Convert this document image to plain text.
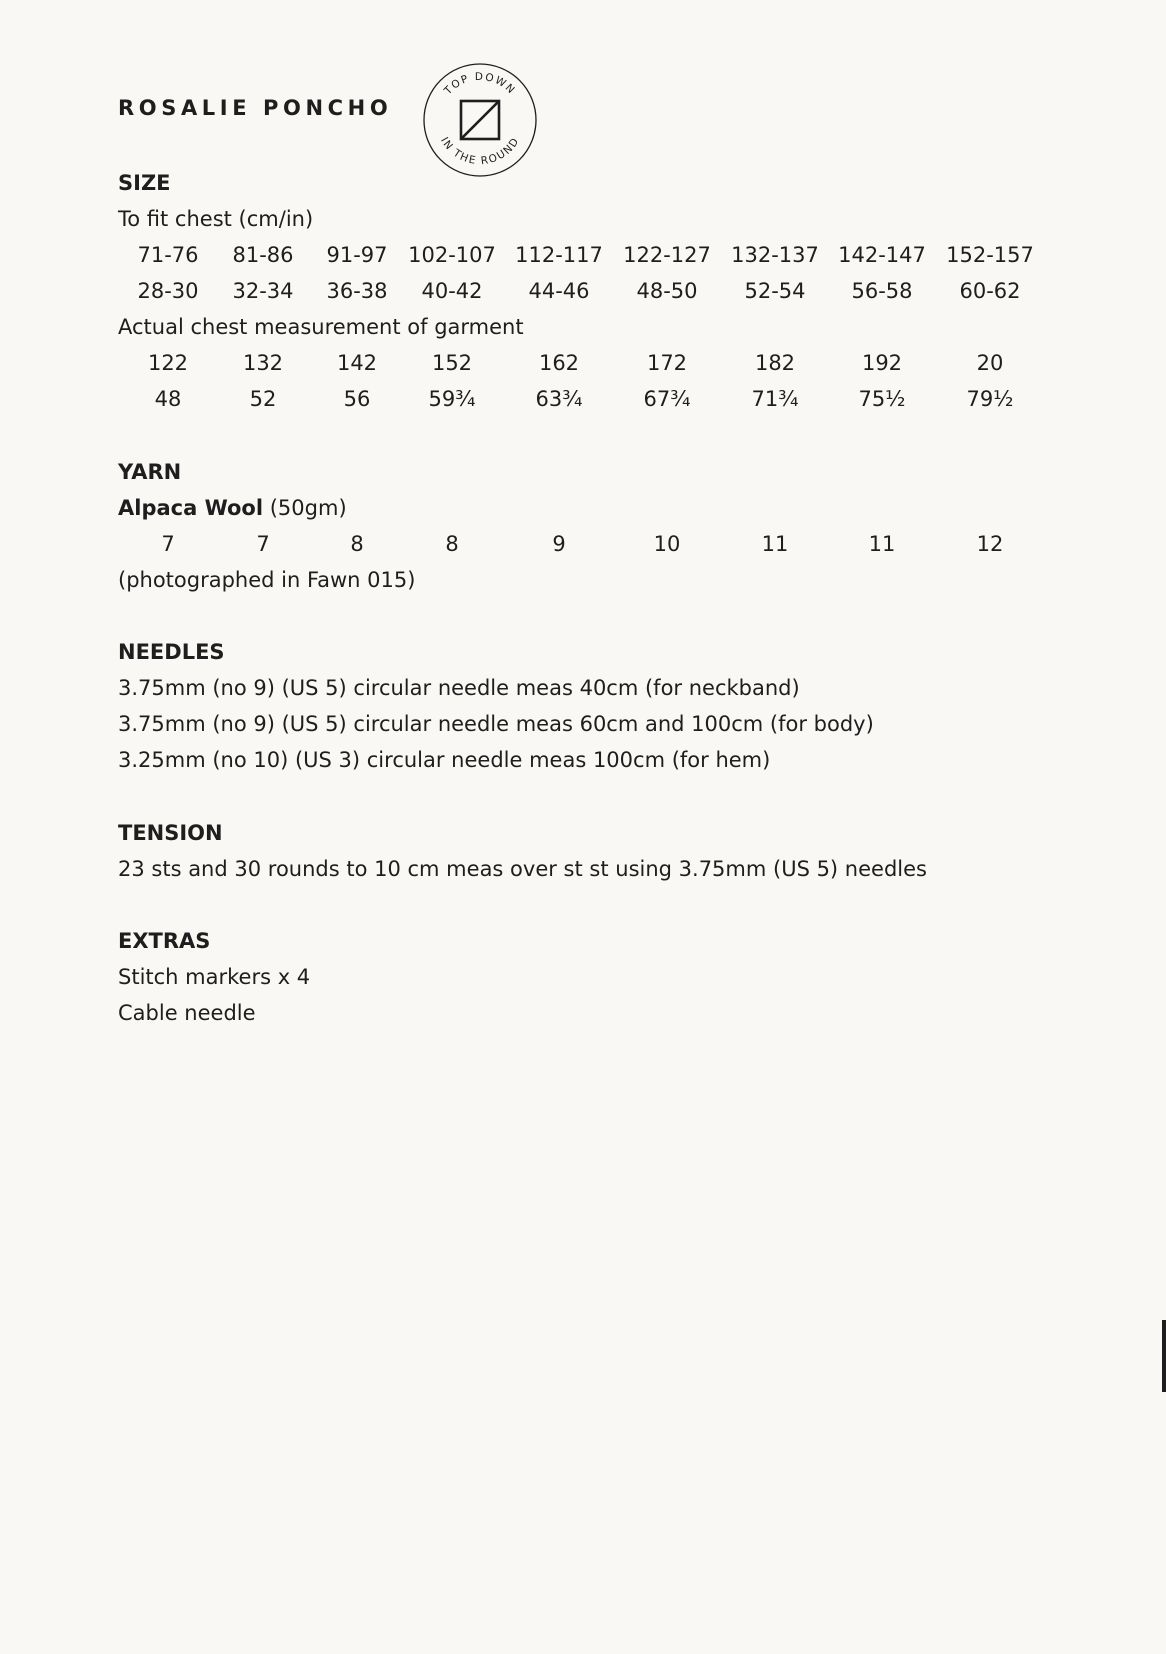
ROSALIE PONCHO
TOP DOWN
IN THE ROUND
SIZE

To fit chest (cm/in)

71-76 81-86 91-97 102-107 112-117 122-127 132-137 142-147 152-157
28-30 32-34 36-38 40-42 44-46 48-50 52-54 56-58 60-62

Actual chest measurement of garment

122	132	142	152	162	172	182	192	20
48	52	56	59¾	63¾	67¾	71¾	75½	79½
YARN

Alpaca Wool (50gm)

7	7	8	8	9	10	11	11	12

(photographed in Fawn 015)

NEEDLES

3.75mm (no 9) (US 5) circular needle meas 40cm (for neckband)

3.75mm (no 9) (US 5) circular needle meas 60cm and 100cm (for body)

3.25mm (no 10) (US 3) circular needle meas 100cm (for hem)

TENSION

23 sts and 30 rounds to 10 cm meas over st st using 3.75mm (US 5) needles

EXTRAS

Stitch markers x 4

Cable needle
